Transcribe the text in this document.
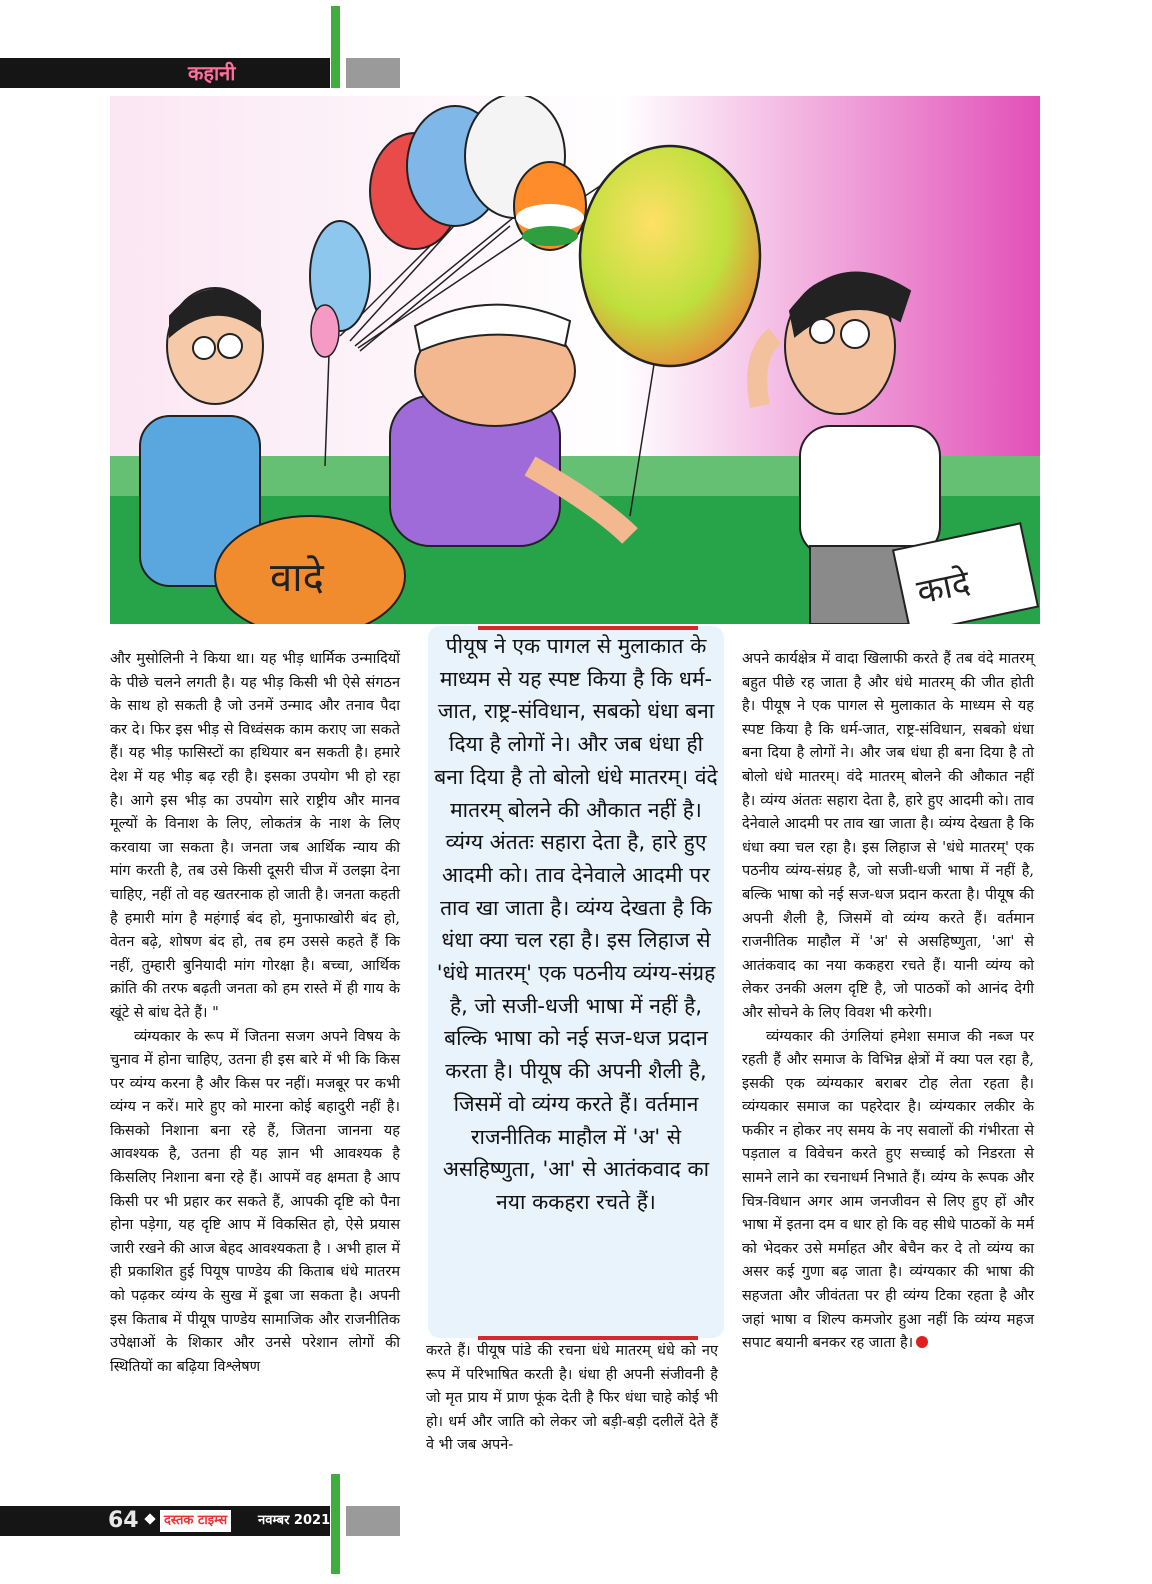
कहानी
वादे	कादे

और मुसोलिनी ने किया था। यह भीड़ धार्मिक उन्मादियों के पीछे चलने लगती है। यह भीड़ किसी भी ऐसे संगठन के साथ हो सकती है जो उनमें उन्माद और तनाव पैदा कर दे। फिर इस भीड़ से विध्वंसक काम कराए जा सकते हैं। यह भीड़ फासिस्टों का हथियार बन सकती है। हमारे देश में यह भीड़ बढ़ रही है। इसका उपयोग भी हो रहा है। आगे इस भीड़ का उपयोग सारे राष्ट्रीय और मानव मूल्यों के विनाश के लिए, लोकतंत्र के नाश के लिए करवाया जा सकता है। जनता जब आर्थिक न्याय की मांग करती है, तब उसे किसी दूसरी चीज में उलझा देना चाहिए, नहीं तो वह खतरनाक हो जाती है। जनता कहती है हमारी मांग है महंगाई बंद हो, मुनाफाखोरी बंद हो, वेतन बढ़े, शोषण बंद हो, तब हम उससे कहते हैं कि नहीं, तुम्हारी बुनियादी मांग गोरक्षा है। बच्चा, आर्थिक क्रांति की तरफ बढ़ती जनता को हम रास्ते में ही गाय के खूंटे से बांध देते हैं। "

व्यंग्यकार के रूप में जितना सजग अपने विषय के चुनाव में होना चाहिए, उतना ही इस बारे में भी कि किस पर व्यंग्य करना है और किस पर नहीं। मजबूर पर कभी व्यंग्य न करें। मारे हुए को मारना कोई बहादुरी नहीं है। किसको निशाना बना रहे हैं, जितना जानना यह आवश्यक है, उतना ही यह ज्ञान भी आवश्यक है किसलिए निशाना बना रहे हैं। आपमें वह क्षमता है आप किसी पर भी प्रहार कर सकते हैं, आपकी दृष्टि को पैना होना पड़ेगा, यह दृष्टि आप में विकसित हो, ऐसे प्रयास जारी रखने की आज बेहद आवश्यकता है । अभी हाल में ही प्रकाशित हुई पियूष पाण्डेय की किताब धंधे मातरम को पढ़कर व्यंग्य के सुख में डूबा जा सकता है। अपनी इस किताब में पीयूष पाण्डेय सामाजिक और राजनीतिक उपेक्षाओं के शिकार और उनसे परेशान लोगों की स्थितियों का बढ़िया विश्लेषण

पीयूष ने एक पागल से मुलाकात के माध्यम से यह स्पष्ट किया है कि धर्म-जात, राष्ट्र-संविधान, सबको धंधा बना दिया है लोगों ने। और जब धंधा ही बना दिया है तो बोलो धंधे मातरम्। वंदे मातरम् बोलने की औकात नहीं है। व्यंग्य अंततः सहारा देता है, हारे हुए आदमी को। ताव देनेवाले आदमी पर ताव खा जाता है। व्यंग्य देखता है कि धंधा क्या चल रहा है। इस लिहाज से 'धंधे मातरम्' एक पठनीय व्यंग्य-संग्रह है, जो सजी-धजी भाषा में नहीं है, बल्कि भाषा को नई सज-धज प्रदान करता है। पीयूष की अपनी शैली है, जिसमें वो व्यंग्य करते हैं। वर्तमान राजनीतिक माहौल में 'अ' से असहिष्णुता, 'आ' से आतंकवाद का नया ककहरा रचते हैं।

करते हैं। पीयूष पांडे की रचना धंधे मातरम् धंधे को नए रूप में परिभाषित करती है। धंधा ही अपनी संजीवनी है जो मृत प्राय में प्राण फूंक देती है फिर धंधा चाहे कोई भी हो। धर्म और जाति को लेकर जो बड़ी-बड़ी दलीलें देते हैं वे भी जब अपने-

अपने कार्यक्षेत्र में वादा खिलाफी करते हैं तब वंदे मातरम् बहुत पीछे रह जाता है और धंधे मातरम् की जीत होती है। पीयूष ने एक पागल से मुलाकात के माध्यम से यह स्पष्ट किया है कि धर्म-जात, राष्ट्र-संविधान, सबको धंधा बना दिया है लोगों ने। और जब धंधा ही बना दिया है तो बोलो धंधे मातरम्। वंदे मातरम् बोलने की औकात नहीं है। व्यंग्य अंततः सहारा देता है, हारे हुए आदमी को। ताव देनेवाले आदमी पर ताव खा जाता है। व्यंग्य देखता है कि धंधा क्या चल रहा है। इस लिहाज से 'धंधे मातरम्' एक पठनीय व्यंग्य-संग्रह है, जो सजी-धजी भाषा में नहीं है, बल्कि भाषा को नई सज-धज प्रदान करता है। पीयूष की अपनी शैली है, जिसमें वो व्यंग्य करते हैं। वर्तमान राजनीतिक माहौल में 'अ' से असहिष्णुता, 'आ' से आतंकवाद का नया ककहरा रचते हैं। यानी व्यंग्य को लेकर उनकी अलग दृष्टि है, जो पाठकों को आनंद देगी और सोचने के लिए विवश भी करेगी।

व्यंग्यकार की उंगलियां हमेशा समाज की नब्ज पर रहती हैं और समाज के विभिन्न क्षेत्रों में क्या पल रहा है, इसकी एक व्यंग्यकार बराबर टोह लेता रहता है। व्यंग्यकार समाज का पहरेदार है। व्यंग्यकार लकीर के फकीर न होकर नए समय के नए सवालों की गंभीरता से पड़ताल व विवेचन करते हुए सच्चाई को निडरता से सामने लाने का रचनाधर्म निभाते हैं। व्यंग्य के रूपक और चित्र-विधान अगर आम जनजीवन से लिए हुए हों और भाषा में इतना दम व धार हो कि वह सीधे पाठकों के मर्म को भेदकर उसे मर्माहत और बेचैन कर दे तो व्यंग्य का असर कई गुणा बढ़ जाता है। व्यंग्यकार की भाषा की सहजता और जीवंतता पर ही व्यंग्य टिका रहता है और जहां भाषा व शिल्प कमजोर हुआ नहीं कि व्यंग्य महज सपाट बयानी बनकर रह जाता है।

64	दस्तक टाइम्स	नवम्बर 2021
